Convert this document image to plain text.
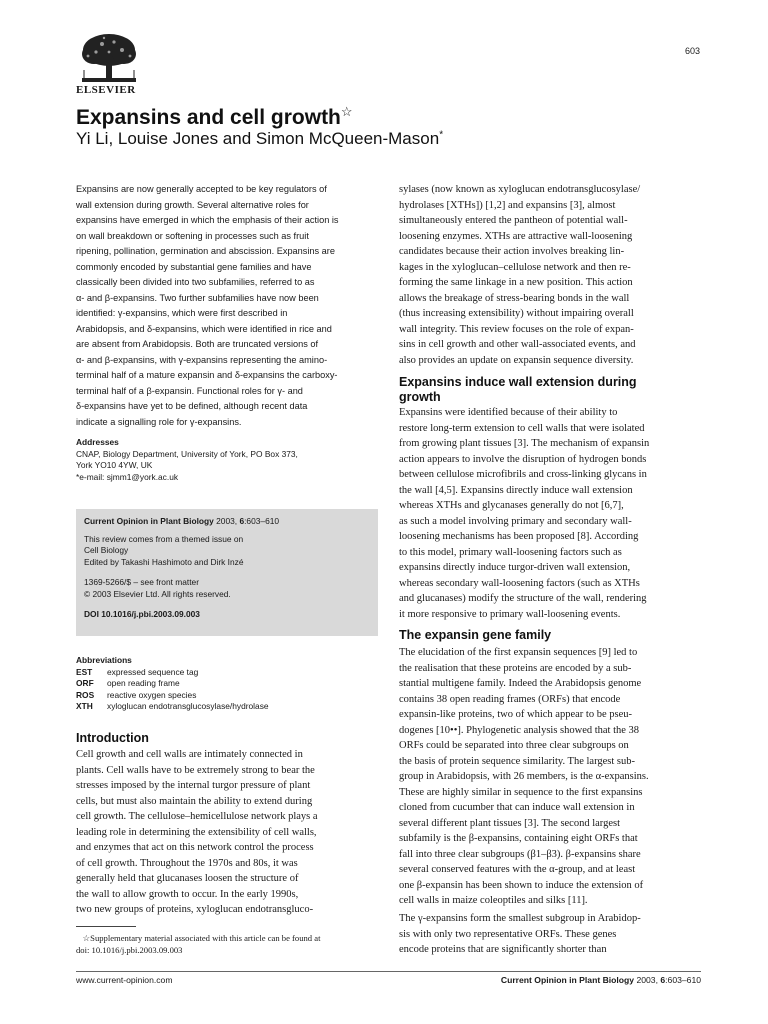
ELSEVIER
603
Expansins and cell growth☆
Yi Li, Louise Jones and Simon McQueen-Mason*
Expansins are now generally accepted to be key regulators of
wall extension during growth. Several alternative roles for
expansins have emerged in which the emphasis of their action is
on wall breakdown or softening in processes such as fruit
ripening, pollination, germination and abscission. Expansins are
commonly encoded by substantial gene families and have
classically been divided into two subfamilies, referred to as
α- and β-expansins. Two further subfamilies have now been
identified: γ-expansins, which were first described in
Arabidopsis, and δ-expansins, which were identified in rice and
are absent from Arabidopsis. Both are truncated versions of
α- and β-expansins, with γ-expansins representing the amino-
terminal half of a mature expansin and δ-expansins the carboxy-
terminal half of a β-expansin. Functional roles for γ- and
δ-expansins have yet to be defined, although recent data
indicate a signalling role for γ-expansins.
Addresses
CNAP, Biology Department, University of York, PO Box 373,
York YO10 4YW, UK
*e-mail: sjmm1@york.ac.uk
Current Opinion in Plant Biology 2003, 6:603–610
This review comes from a themed issue on
Cell Biology
Edited by Takashi Hashimoto and Dirk Inzé
1369-5266/$ – see front matter
© 2003 Elsevier Ltd. All rights reserved.
DOI 10.1016/j.pbi.2003.09.003
Abbreviations
EST	expressed sequence tag
ORF	open reading frame
ROS	reactive oxygen species
XTH	xyloglucan endotransglucosylase/hydrolase
Introduction
Cell growth and cell walls are intimately connected in
plants. Cell walls have to be extremely strong to bear the
stresses imposed by the internal turgor pressure of plant
cells, but must also maintain the ability to extend during
cell growth. The cellulose–hemicellulose network plays a
leading role in determining the extensibility of cell walls,
and enzymes that act on this network control the process
of cell growth. Throughout the 1970s and 80s, it was
generally held that glucanases loosen the structure of
the wall to allow growth to occur. In the early 1990s,
two new groups of proteins, xyloglucan endotransgluco-
☆Supplementary material associated with this article can be found at
doi: 10.1016/j.pbi.2003.09.003
sylases (now known as xyloglucan endotransglucosylase/
hydrolases [XTHs]) [1,2] and expansins [3], almost
simultaneously entered the pantheon of potential wall-
loosening enzymes. XTHs are attractive wall-loosening
candidates because their action involves breaking lin-
kages in the xyloglucan–cellulose network and then re-
forming the same linkage in a new position. This action
allows the breakage of stress-bearing bonds in the wall
(thus increasing extensibility) without impairing overall
wall integrity. This review focuses on the role of expan-
sins in cell growth and other wall-associated events, and
also provides an update on expansin sequence diversity.
Expansins induce wall extension during
growth
Expansins were identified because of their ability to
restore long-term extension to cell walls that were isolated
from growing plant tissues [3]. The mechanism of expansin
action appears to involve the disruption of hydrogen bonds
between cellulose microfibrils and cross-linking glycans in
the wall [4,5]. Expansins directly induce wall extension
whereas XTHs and glycanases generally do not [6,7],
as such a model involving primary and secondary wall-
loosening mechanisms has been proposed [8]. According
to this model, primary wall-loosening factors such as
expansins directly induce turgor-driven wall extension,
whereas secondary wall-loosening factors (such as XTHs
and glucanases) modify the structure of the wall, rendering
it more responsive to primary wall-loosening events.
The expansin gene family
The elucidation of the first expansin sequences [9] led to
the realisation that these proteins are encoded by a sub-
stantial multigene family. Indeed the Arabidopsis genome
contains 38 open reading frames (ORFs) that encode
expansin-like proteins, two of which appear to be pseu-
dogenes [10••]. Phylogenetic analysis showed that the 38
ORFs could be separated into three clear subgroups on
the basis of protein sequence similarity. The largest sub-
group in Arabidopsis, with 26 members, is the α-expansins.
These are highly similar in sequence to the first expansins
cloned from cucumber that can induce wall extension in
several different plant tissues [3]. The second largest
subfamily is the β-expansins, containing eight ORFs that
fall into three clear subgroups (β1–β3). β-expansins share
several conserved features with the α-group, and at least
one β-expansin has been shown to induce the extension of
cell walls in maize coleoptiles and silks [11].
The γ-expansins form the smallest subgroup in Arabidop-
sis with only two representative ORFs. These genes
encode proteins that are significantly shorter than
www.current-opinion.com	Current Opinion in Plant Biology 2003, 6:603–610
